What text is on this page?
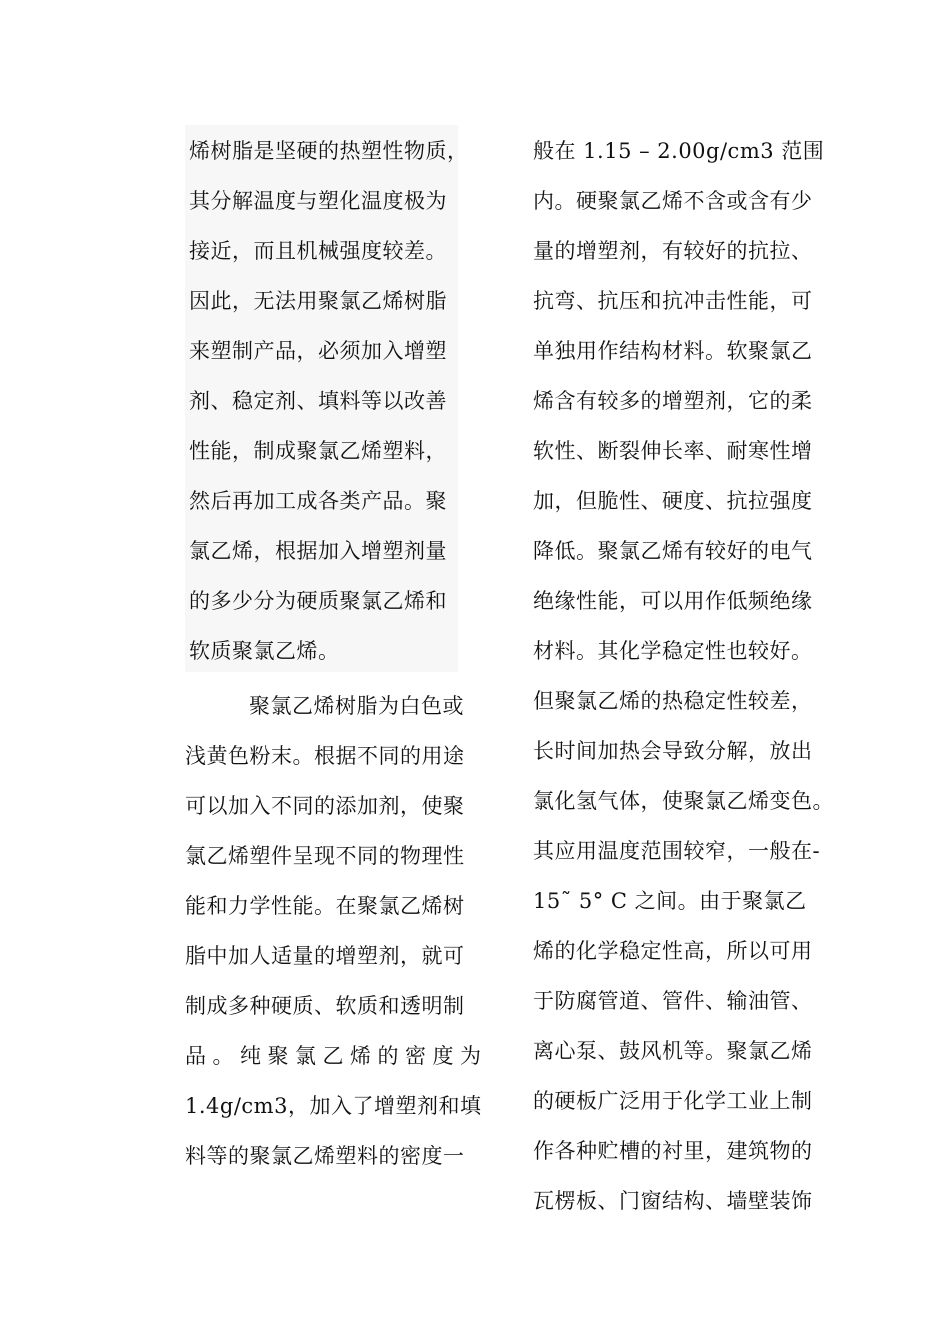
烯树脂是坚硬的热塑性物质，
其分解温度与塑化温度极为
接近，而且机械强度较差。
因此，无法用聚氯乙烯树脂
来塑制产品，必须加入增塑
剂、稳定剂、填料等以改善
性能，制成聚氯乙烯塑料，
然后再加工成各类产品。聚
氯乙烯，根据加入增塑剂量
的多少分为硬质聚氯乙烯和
软质聚氯乙烯。
聚氯乙烯树脂为白色或
浅黄色粉末。根据不同的用途
可以加入不同的添加剂，使聚
氯乙烯塑件呈现不同的物理性
能和力学性能。在聚氯乙烯树
脂中加人适量的增塑剂，就可
制成多种硬质、软质和透明制
品。纯聚氯乙烯的密度为
1.4g/cm3，加入了增塑剂和填
料等的聚氯乙烯塑料的密度一
般在 1.15 – 2.00g/cm3 范围
内。硬聚氯乙烯不含或含有少
量的增塑剂，有较好的抗拉、
抗弯、抗压和抗冲击性能，可
单独用作结构材料。软聚氯乙
烯含有较多的增塑剂，它的柔
软性、断裂伸长率、耐寒性增
加，但脆性、硬度、抗拉强度
降低。聚氯乙烯有较好的电气
绝缘性能，可以用作低频绝缘
材料。其化学稳定性也较好。
但聚氯乙烯的热稳定性较差，
长时间加热会导致分解，放出
氯化氢气体，使聚氯乙烯变色。
其应用温度范围较窄，一般在-
15˜ 5° C 之间。由于聚氯乙
烯的化学稳定性高，所以可用
于防腐管道、管件、输油管、
离心泵、鼓风机等。聚氯乙烯
的硬板广泛用于化学工业上制
作各种贮槽的衬里，建筑物的
瓦楞板、门窗结构、墙壁装饰
